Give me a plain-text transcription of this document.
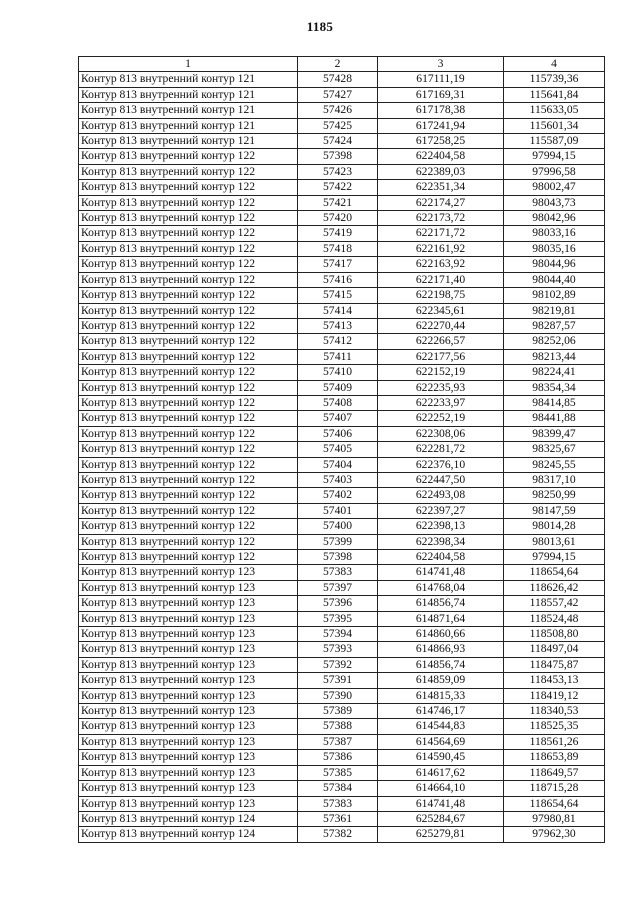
1185
1	2	3	4
Контур 813 внутренний контур 121	57428	617111,19	115739,36
Контур 813 внутренний контур 121	57427	617169,31	115641,84
Контур 813 внутренний контур 121	57426	617178,38	115633,05
Контур 813 внутренний контур 121	57425	617241,94	115601,34
Контур 813 внутренний контур 121	57424	617258,25	115587,09
Контур 813 внутренний контур 122	57398	622404,58	97994,15
Контур 813 внутренний контур 122	57423	622389,03	97996,58
Контур 813 внутренний контур 122	57422	622351,34	98002,47
Контур 813 внутренний контур 122	57421	622174,27	98043,73
Контур 813 внутренний контур 122	57420	622173,72	98042,96
Контур 813 внутренний контур 122	57419	622171,72	98033,16
Контур 813 внутренний контур 122	57418	622161,92	98035,16
Контур 813 внутренний контур 122	57417	622163,92	98044,96
Контур 813 внутренний контур 122	57416	622171,40	98044,40
Контур 813 внутренний контур 122	57415	622198,75	98102,89
Контур 813 внутренний контур 122	57414	622345,61	98219,81
Контур 813 внутренний контур 122	57413	622270,44	98287,57
Контур 813 внутренний контур 122	57412	622266,57	98252,06
Контур 813 внутренний контур 122	57411	622177,56	98213,44
Контур 813 внутренний контур 122	57410	622152,19	98224,41
Контур 813 внутренний контур 122	57409	622235,93	98354,34
Контур 813 внутренний контур 122	57408	622233,97	98414,85
Контур 813 внутренний контур 122	57407	622252,19	98441,88
Контур 813 внутренний контур 122	57406	622308,06	98399,47
Контур 813 внутренний контур 122	57405	622281,72	98325,67
Контур 813 внутренний контур 122	57404	622376,10	98245,55
Контур 813 внутренний контур 122	57403	622447,50	98317,10
Контур 813 внутренний контур 122	57402	622493,08	98250,99
Контур 813 внутренний контур 122	57401	622397,27	98147,59
Контур 813 внутренний контур 122	57400	622398,13	98014,28
Контур 813 внутренний контур 122	57399	622398,34	98013,61
Контур 813 внутренний контур 122	57398	622404,58	97994,15
Контур 813 внутренний контур 123	57383	614741,48	118654,64
Контур 813 внутренний контур 123	57397	614768,04	118626,42
Контур 813 внутренний контур 123	57396	614856,74	118557,42
Контур 813 внутренний контур 123	57395	614871,64	118524,48
Контур 813 внутренний контур 123	57394	614860,66	118508,80
Контур 813 внутренний контур 123	57393	614866,93	118497,04
Контур 813 внутренний контур 123	57392	614856,74	118475,87
Контур 813 внутренний контур 123	57391	614859,09	118453,13
Контур 813 внутренний контур 123	57390	614815,33	118419,12
Контур 813 внутренний контур 123	57389	614746,17	118340,53
Контур 813 внутренний контур 123	57388	614544,83	118525,35
Контур 813 внутренний контур 123	57387	614564,69	118561,26
Контур 813 внутренний контур 123	57386	614590,45	118653,89
Контур 813 внутренний контур 123	57385	614617,62	118649,57
Контур 813 внутренний контур 123	57384	614664,10	118715,28
Контур 813 внутренний контур 123	57383	614741,48	118654,64
Контур 813 внутренний контур 124	57361	625284,67	97980,81
Контур 813 внутренний контур 124	57382	625279,81	97962,30
